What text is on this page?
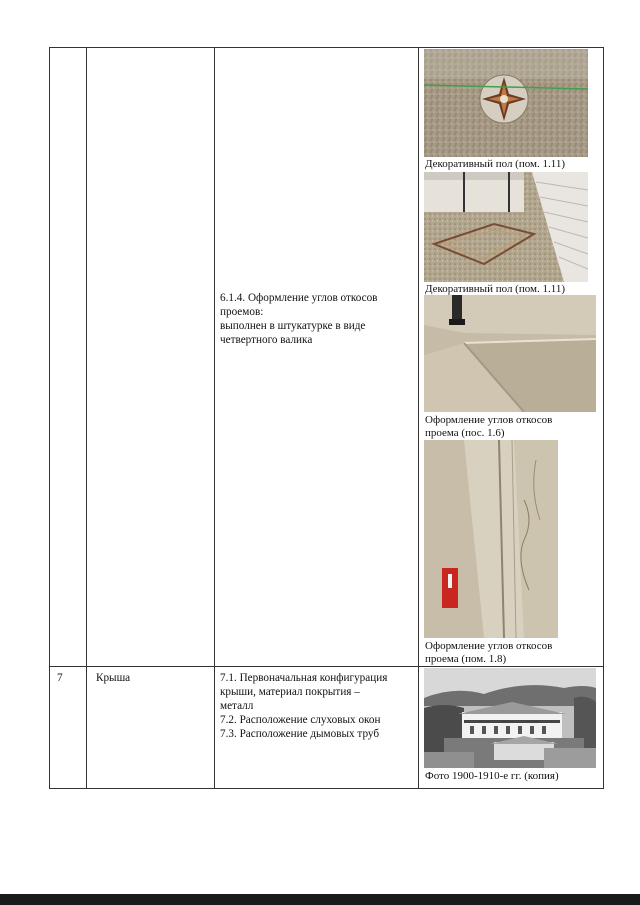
6.1.4. Оформление углов откосов
проемов:
выполнен в штукатурке в виде
четвертного валика
Декоративный пол (пом. 1.11)
Декоративный пол (пом. 1.11)
Оформление углов откосов
проема (пос. 1.6)
Оформление углов откосов
проема (пом. 1.8)
7	Крыша	7.1. Первоначальная конфигурация
крыши, материал покрытия –
металл
7.2. Расположение слуховых окон
7.3. Расположение дымовых труб
Фото 1900-1910-е гг. (копия)
